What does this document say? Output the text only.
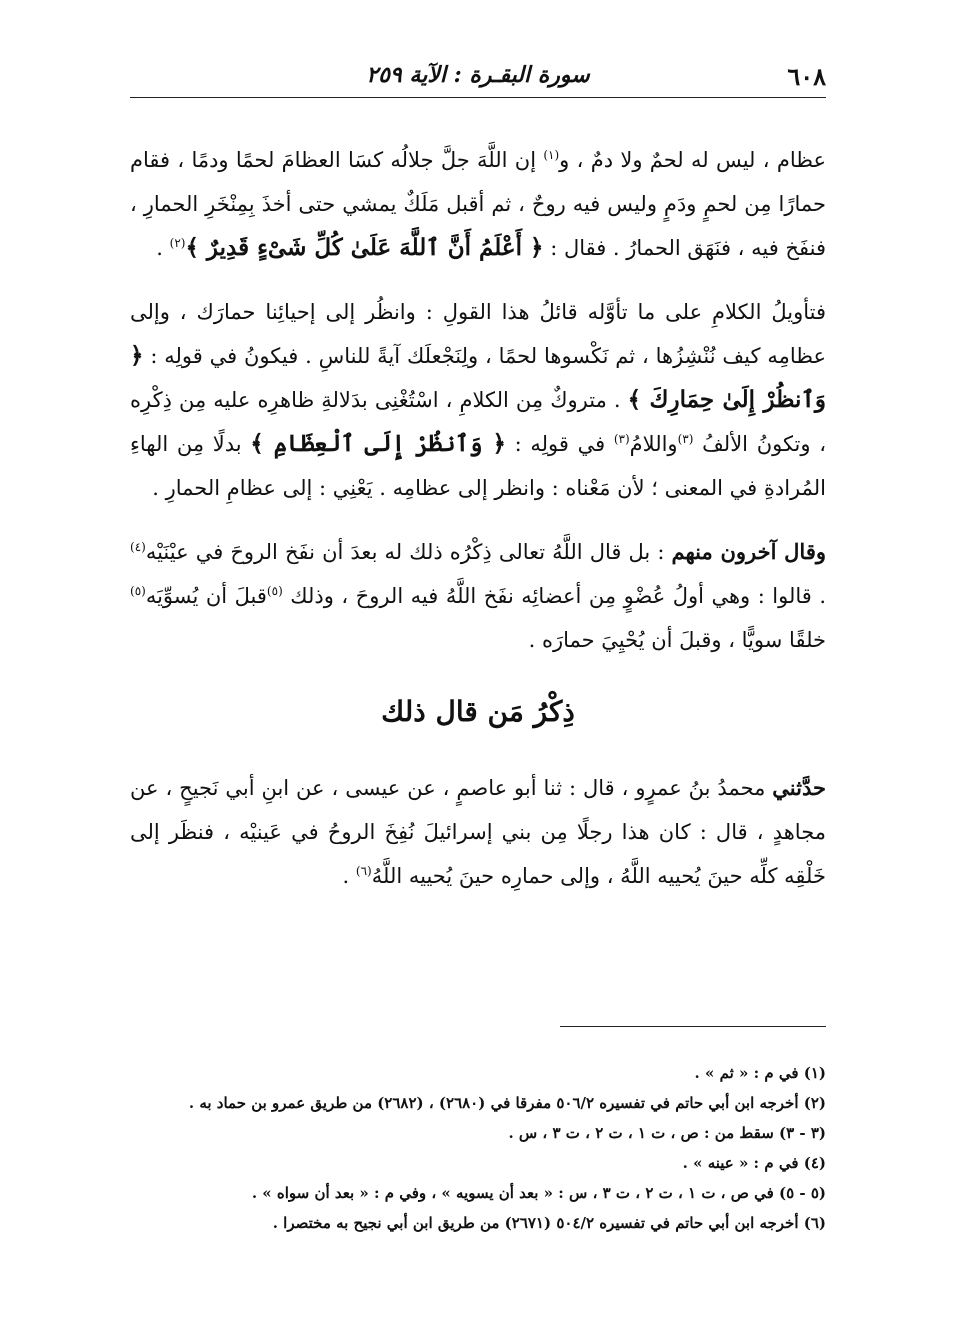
٦٠٨
سورة البقـرة : الآية ٢٥٩

عظام ، ليس له لحمٌ ولا دمٌ ، و$^{(١)}$ إن اللَّهَ جلَّ جلالُه كسَا العظامَ لحمًا ودمًا ، فقام حمارًا مِن لحمٍ ودَمٍ وليس فيه روحٌ ، ثم أقبل مَلَكٌ يمشي حتى أخذَ بِمِنْخَرِ الحمارِ ، فنفَخ فيه ، فنَهَق الحمارُ . فقال : ﴿ أَعْلَمُ أَنَّ ٱللَّهَ عَلَىٰ كُلِّ شَىْءٍ قَدِيرٌ ﴾$^{(٢)}$ .

فتأويلُ الكلامِ على ما تأوَّله قائلُ هذا القولِ : وانظُر إلى إحيائِنا حمارَك ، وإلى عظامِه كيف نُنْشِزُها ، ثم نَكْسوها لحمًا ، ولِنَجْعلَك آيةً للناسِ . فيكونُ في قولِه : ﴿ وَٱنظُرْ إِلَىٰ حِمَارِكَ ﴾ . متروكٌ مِن الكلامِ ، اسْتُغْنِى بدَلالةِ ظاهرِه عليه مِن ذِكْرِه ، وتكونُ الألفُ $^{(٣)}$واللامُ$^{(٣)}$ في قولِه : ﴿ وَٱنظُرْ إِلَى ٱلْعِظَامِ ﴾ بدلًا مِن الهاءِ المُرادةِ في المعنى ؛ لأن مَعْناه : وانظر إلى عظامِه . يَعْنِي : إلى عظامِ الحمارِ .

وقال آخرون منهم : بل قال اللَّهُ تعالى ذِكْرُه ذلك له بعدَ أن نفَخ الروحَ في عيْنَيْه$^{(٤)}$ . قالوا : وهي أولُ عُضْوٍ مِن أعضائِه نفَخ اللَّهُ فيه الروحَ ، وذلك $^{(٥)}$قبلَ أن يُسوِّيَه$^{(٥)}$ خلقًا سويًّا ، وقبلَ أن يُحْيِيَ حمارَه .

ذِكْرُ مَن قال ذلك

حدَّثني محمدُ بنُ عمرٍو ، قال : ثنا أبو عاصمٍ ، عن عيسى ، عن ابنِ أبي نَجيحٍ ، عن مجاهدٍ ، قال : كان هذا رجلًا مِن بني إسرائيلَ نُفِخَ الروحُ في عَينيْه ، فنظَر إلى خَلْقِه كلِّه حينَ يُحييه اللَّهُ ، وإلى حمارِه حينَ يُحييه اللَّهُ$^{(٦)}$ .

(١) في م : « ثم » .
(٢) أخرجه ابن أبي حاتم في تفسيره ٥٠٦/٢ مفرقا في (٢٦٨٠) ، (٢٦٨٢) من طريق عمرو بن حماد به .
(٣ - ٣) سقط من : ص ، ت ١ ، ت ٢ ، ت ٣ ، س .
(٤) في م : « عينه » .
(٥ - ٥) في ص ، ت ١ ، ت ٢ ، ت ٣ ، س : « بعد أن يسويه » ، وفي م : « بعد أن سواه » .
(٦) أخرجه ابن أبي حاتم في تفسيره ٥٠٤/٢ (٢٦٧١) من طريق ابن أبي نجيح به مختصرا .
